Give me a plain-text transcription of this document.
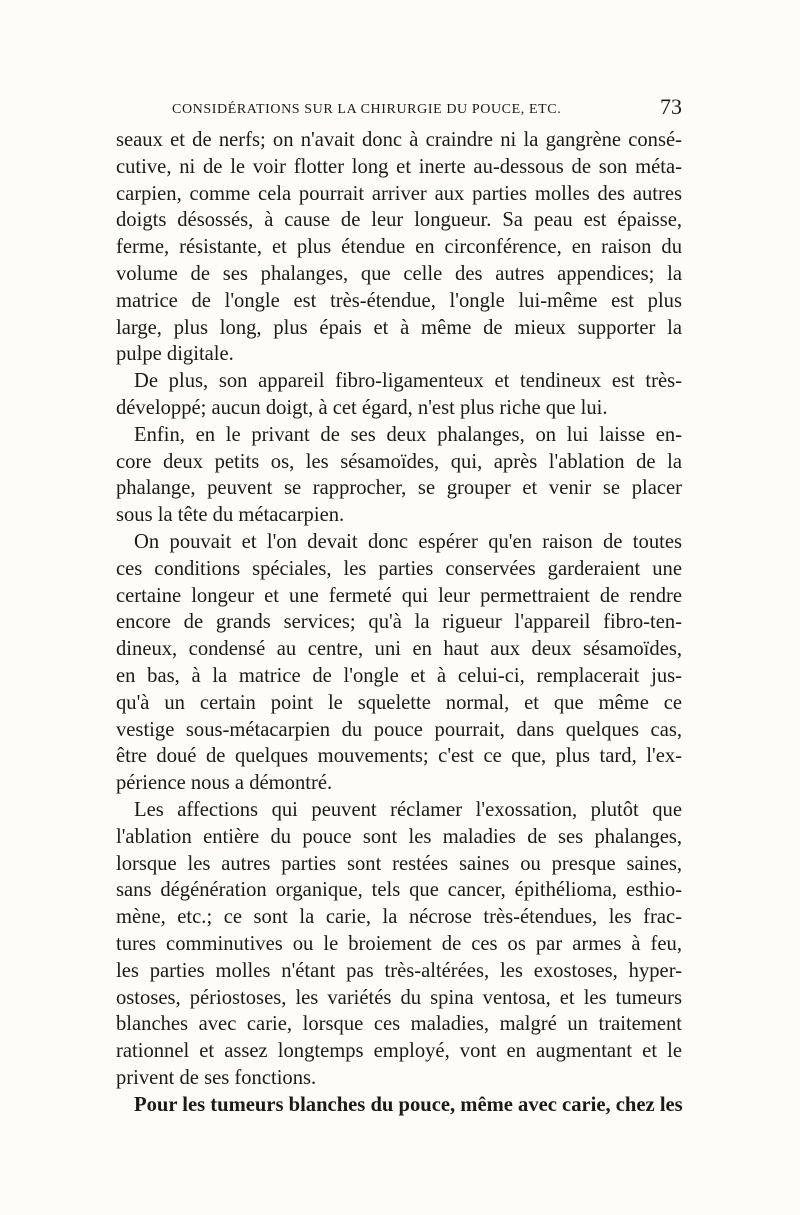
CONSIDÉRATIONS SUR LA CHIRURGIE DU POUCE, ETC.	73
seaux et de nerfs; on n'avait donc à craindre ni la gangrène consé-
cutive, ni de le voir flotter long et inerte au-dessous de son méta-
carpien, comme cela pourrait arriver aux parties molles des autres
doigts désossés, à cause de leur longueur. Sa peau est épaisse,
ferme, résistante, et plus étendue en circonférence, en raison du
volume de ses phalanges, que celle des autres appendices; la
matrice de l'ongle est très-étendue, l'ongle lui-même est plus
large, plus long, plus épais et à même de mieux supporter la
pulpe digitale.
De plus, son appareil fibro-ligamenteux et tendineux est très-
développé; aucun doigt, à cet égard, n'est plus riche que lui.
Enfin, en le privant de ses deux phalanges, on lui laisse en-
core deux petits os, les sésamoïdes, qui, après l'ablation de la
phalange, peuvent se rapprocher, se grouper et venir se placer
sous la tête du métacarpien.
On pouvait et l'on devait donc espérer qu'en raison de toutes
ces conditions spéciales, les parties conservées garderaient une
certaine longeur et une fermeté qui leur permettraient de rendre
encore de grands services; qu'à la rigueur l'appareil fibro-ten-
dineux, condensé au centre, uni en haut aux deux sésamoïdes,
en bas, à la matrice de l'ongle et à celui-ci, remplacerait jus-
qu'à un certain point le squelette normal, et que même ce
vestige sous-métacarpien du pouce pourrait, dans quelques cas,
être doué de quelques mouvements; c'est ce que, plus tard, l'ex-
périence nous a démontré.
Les affections qui peuvent réclamer l'exossation, plutôt que
l'ablation entière du pouce sont les maladies de ses phalanges,
lorsque les autres parties sont restées saines ou presque saines,
sans dégénération organique, tels que cancer, épithélioma, esthio-
mène, etc.; ce sont la carie, la nécrose très-étendues, les frac-
tures comminutives ou le broiement de ces os par armes à feu,
les parties molles n'étant pas très-altérées, les exostoses, hyper-
ostoses, périostoses, les variétés du spina ventosa, et les tumeurs
blanches avec carie, lorsque ces maladies, malgré un traitement
rationnel et assez longtemps employé, vont en augmentant et le
privent de ses fonctions.
Pour les tumeurs blanches du pouce, même avec carie, chez les
